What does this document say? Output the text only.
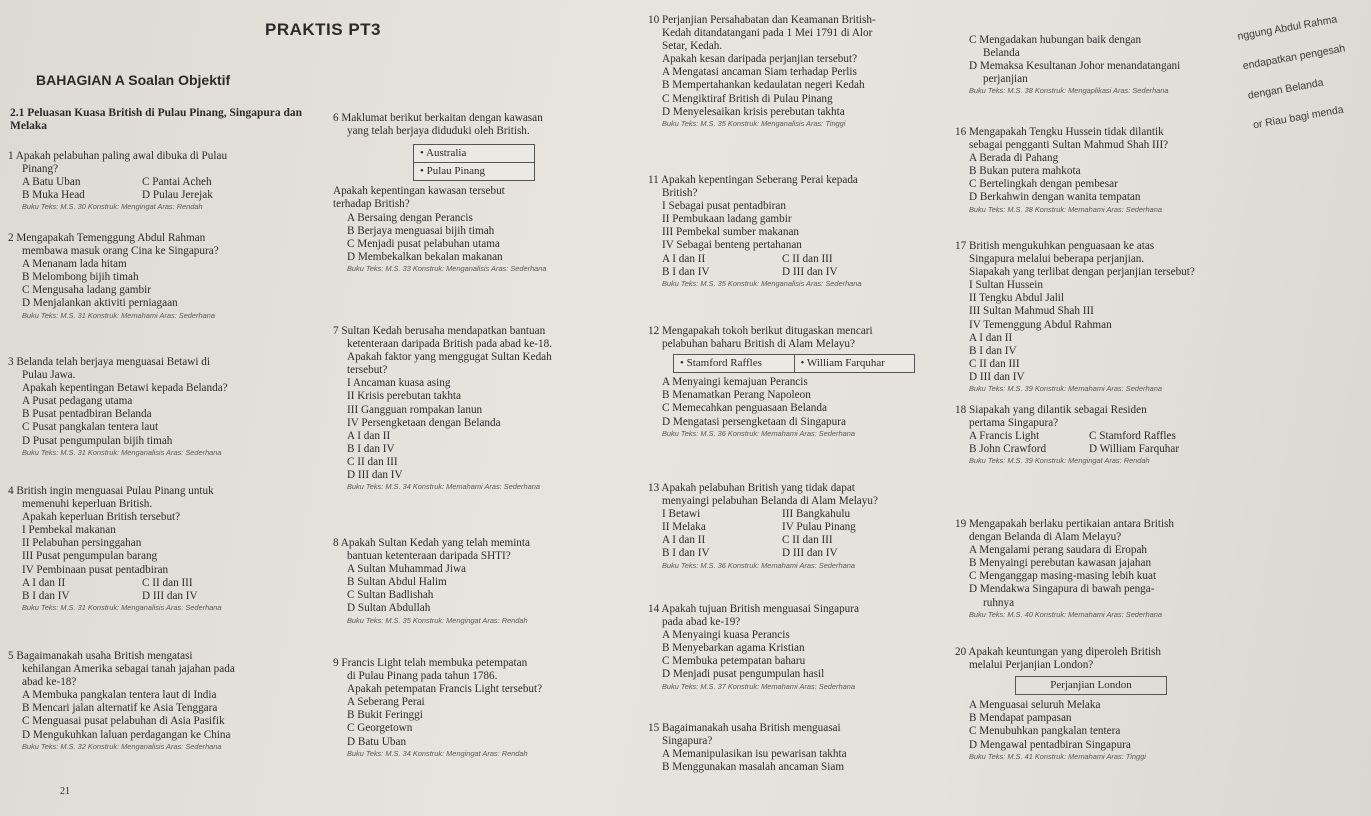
PRAKTIS PT3
BAHAGIAN A Soalan Objektif
2.1 Peluasan Kuasa British di Pulau Pinang, Singapura dan Melaka

1 Apakah pelabuhan paling awal dibuka di Pulau

Pinang?

A Batu Uban	C Pantai Acheh

B Muka Head	D Pulau Jerejak

Buku Teks: M.S. 30 Konstruk: Mengingat Aras: Rendah

2 Mengapakah Temenggung Abdul Rahman

membawa masuk orang Cina ke Singapura?

A Menanam lada hitam

B Melombong bijih timah

C Mengusaha ladang gambir

D Menjalankan aktiviti perniagaan

Buku Teks: M.S. 31 Konstruk: Memahami Aras: Sederhana

3 Belanda telah berjaya menguasai Betawi di

Pulau Jawa.

Apakah kepentingan Betawi kepada Belanda?

A Pusat pedagang utama

B Pusat pentadbiran Belanda

C Pusat pangkalan tentera laut

D Pusat pengumpulan bijih timah

Buku Teks: M.S. 31 Konstruk: Menganalisis Aras: Sederhana

4 British ingin menguasai Pulau Pinang untuk

memenuhi keperluan British.

Apakah keperluan British tersebut?

I Pembekal makanan

II Pelabuhan persinggahan

III Pusat pengumpulan barang

IV Pembinaan pusat pentadbiran

A I dan II	C II dan III

B I dan IV	D III dan IV

Buku Teks: M.S. 31 Konstruk: Menganalisis Aras: Sederhana

5 Bagaimanakah usaha British mengatasi

kehilangan Amerika sebagai tanah jajahan pada

abad ke-18?

A Membuka pangkalan tentera laut di India

B Mencari jalan alternatif ke Asia Tenggara

C Menguasai pusat pelabuhan di Asia Pasifik

D Mengukuhkan laluan perdagangan ke China

Buku Teks: M.S. 32 Konstruk: Menganalisis Aras: Sederhana

6 Maklumat berikut berkaitan dengan kawasan

yang telah berjaya diduduki oleh British.

• Australia
• Pulau Pinang

Apakah kepentingan kawasan tersebut

terhadap British?

A Bersaing dengan Perancis

B Berjaya menguasai bijih timah

C Menjadi pusat pelabuhan utama

D Membekalkan bekalan makanan

Buku Teks: M.S. 33 Konstruk: Menganalisis Aras: Sederhana

7 Sultan Kedah berusaha mendapatkan bantuan

ketenteraan daripada British pada abad ke-18.

Apakah faktor yang menggugat Sultan Kedah

tersebut?

I Ancaman kuasa asing

II Krisis perebutan takhta

III Gangguan rompakan lanun

IV Persengketaan dengan Belanda

A I dan II

B I dan IV

C II dan III

D III dan IV

Buku Teks: M.S. 34 Konstruk: Memahami Aras: Sederhana

8 Apakah Sultan Kedah yang telah meminta

bantuan ketenteraan daripada SHTI?

A Sultan Muhammad Jiwa

B Sultan Abdul Halim

C Sultan Badlishah

D Sultan Abdullah

Buku Teks: M.S. 35 Konstruk: Mengingat Aras: Rendah

9 Francis Light telah membuka petempatan

di Pulau Pinang pada tahun 1786.

Apakah petempatan Francis Light tersebut?

A Seberang Perai

B Bukit Feringgi

C Georgetown

D Batu Uban

Buku Teks: M.S. 34 Konstruk: Mengingat Aras: Rendah

10 Perjanjian Persahabatan dan Keamanan British-

Kedah ditandatangani pada 1 Mei 1791 di Alor

Setar, Kedah.

Apakah kesan daripada perjanjian tersebut?

A Mengatasi ancaman Siam terhadap Perlis

B Mempertahankan kedaulatan negeri Kedah

C Mengiktiraf British di Pulau Pinang

D Menyelesaikan krisis perebutan takhta

Buku Teks: M.S. 35 Konstruk: Menganalisis Aras: Tinggi

11 Apakah kepentingan Seberang Perai kepada

British?

I Sebagai pusat pentadbiran

II Pembukaan ladang gambir

III Pembekal sumber makanan

IV Sebagai benteng pertahanan

A I dan II	C II dan III

B I dan IV	D III dan IV

Buku Teks: M.S. 35 Konstruk: Menganalisis Aras: Sederhana

12 Mengapakah tokoh berikut ditugaskan mencari

pelabuhan baharu British di Alam Melayu?

• Stamford Raffles	• William Farquhar

A Menyaingi kemajuan Perancis

B Menamatkan Perang Napoleon

C Memecahkan penguasaan Belanda

D Mengatasi persengketaan di Singapura

Buku Teks: M.S. 36 Konstruk: Memahami Aras: Sederhana

13 Apakah pelabuhan British yang tidak dapat

menyaingi pelabuhan Belanda di Alam Melayu?

I Betawi	III Bangkahulu

II Melaka	IV Pulau Pinang

A I dan II	C II dan III

B I dan IV	D III dan IV

Buku Teks: M.S. 36 Konstruk: Memahami Aras: Sederhana

14 Apakah tujuan British menguasai Singapura

pada abad ke-19?

A Menyaingi kuasa Perancis

B Menyebarkan agama Kristian

C Membuka petempatan baharu

D Menjadi pusat pengumpulan hasil

Buku Teks: M.S. 37 Konstruk: Memahami Aras: Sederhana

15 Bagaimanakah usaha British menguasai

Singapura?

A Memanipulasikan isu pewarisan takhta

B Menggunakan masalah ancaman Siam

C Mengadakan hubungan baik dengan

Belanda

D Memaksa Kesultanan Johor menandatangani

perjanjian

Buku Teks: M.S. 38 Konstruk: Mengaplikasi Aras: Sederhana

16 Mengapakah Tengku Hussein tidak dilantik

sebagai pengganti Sultan Mahmud Shah III?

A Berada di Pahang

B Bukan putera mahkota

C Bertelingkah dengan pembesar

D Berkahwin dengan wanita tempatan

Buku Teks: M.S. 38 Konstruk: Memahami Aras: Sederhana

17 British mengukuhkan penguasaan ke atas

Singapura melalui beberapa perjanjian.

Siapakah yang terlibat dengan perjanjian tersebut?

I Sultan Hussein

II Tengku Abdul Jalil

III Sultan Mahmud Shah III

IV Temenggung Abdul Rahman

A I dan II

B I dan IV

C II dan III

D III dan IV

Buku Teks: M.S. 39 Konstruk: Memahami Aras: Sederhana

18 Siapakah yang dilantik sebagai Residen

pertama Singapura?

A Francis Light	C Stamford Raffles

B John Crawford	D William Farquhar

Buku Teks: M.S. 39 Konstruk: Mengingat Aras: Rendah

19 Mengapakah berlaku pertikaian antara British

dengan Belanda di Alam Melayu?

A Mengalami perang saudara di Eropah

B Menyaingi perebutan kawasan jajahan

C Menganggap masing-masing lebih kuat

D Mendakwa Singapura di bawah penga-

ruhnya

Buku Teks: M.S. 40 Konstruk: Memahami Aras: Sederhana

20 Apakah keuntungan yang diperoleh British

melalui Perjanjian London?

Perjanjian London

A Menguasai seluruh Melaka

B Mendapat pampasan

C Menubuhkan pangkalan tentera

D Mengawal pentadbiran Singapura

Buku Teks: M.S. 41 Konstruk: Memahami Aras: Tinggi

nggung Abdul Rahma
endapatkan pengesah
dengan Belanda
or Riau bagi menda
21
